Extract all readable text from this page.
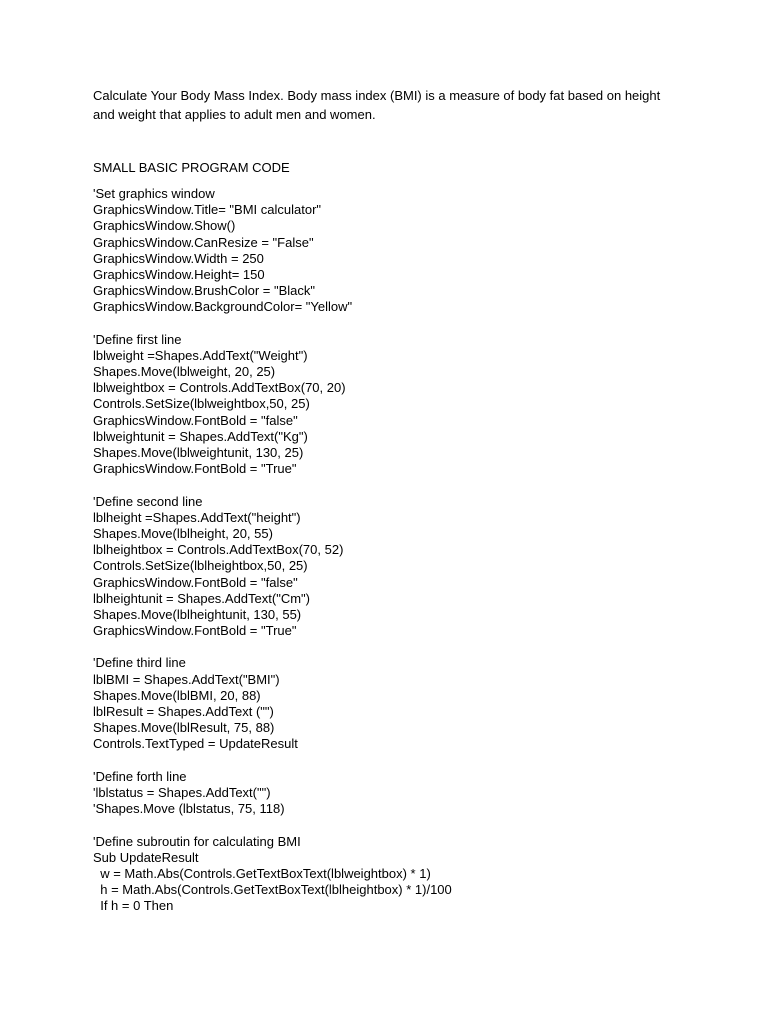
Calculate Your Body Mass Index. Body mass index (BMI) is a measure of body fat based on height

and weight that applies to adult men and women.

SMALL BASIC PROGRAM CODE
'Set graphics window
GraphicsWindow.Title= "BMI calculator"
GraphicsWindow.Show()
GraphicsWindow.CanResize = "False"
GraphicsWindow.Width = 250
GraphicsWindow.Height= 150
GraphicsWindow.BrushColor = "Black"
GraphicsWindow.BackgroundColor= "Yellow"
'Define first line
lblweight =Shapes.AddText("Weight")
Shapes.Move(lblweight, 20, 25)
lblweightbox = Controls.AddTextBox(70, 20)
Controls.SetSize(lblweightbox,50, 25)
GraphicsWindow.FontBold = "false"
lblweightunit = Shapes.AddText("Kg")
Shapes.Move(lblweightunit, 130, 25)
GraphicsWindow.FontBold = "True"
'Define second line
lblheight =Shapes.AddText("height")
Shapes.Move(lblheight, 20, 55)
lblheightbox = Controls.AddTextBox(70, 52)
Controls.SetSize(lblheightbox,50, 25)
GraphicsWindow.FontBold = "false"
lblheightunit = Shapes.AddText("Cm")
Shapes.Move(lblheightunit, 130, 55)
GraphicsWindow.FontBold = "True"
'Define third line
lblBMI = Shapes.AddText("BMI")
Shapes.Move(lblBMI, 20, 88)
lblResult = Shapes.AddText ("")
Shapes.Move(lblResult, 75, 88)
Controls.TextTyped = UpdateResult
'Define forth line
'lblstatus = Shapes.AddText("")
'Shapes.Move (lblstatus, 75, 118)
'Define subroutin for calculating BMI
Sub UpdateResult
w = Math.Abs(Controls.GetTextBoxText(lblweightbox) * 1)
h = Math.Abs(Controls.GetTextBoxText(lblheightbox) * 1)/100
If h = 0 Then
